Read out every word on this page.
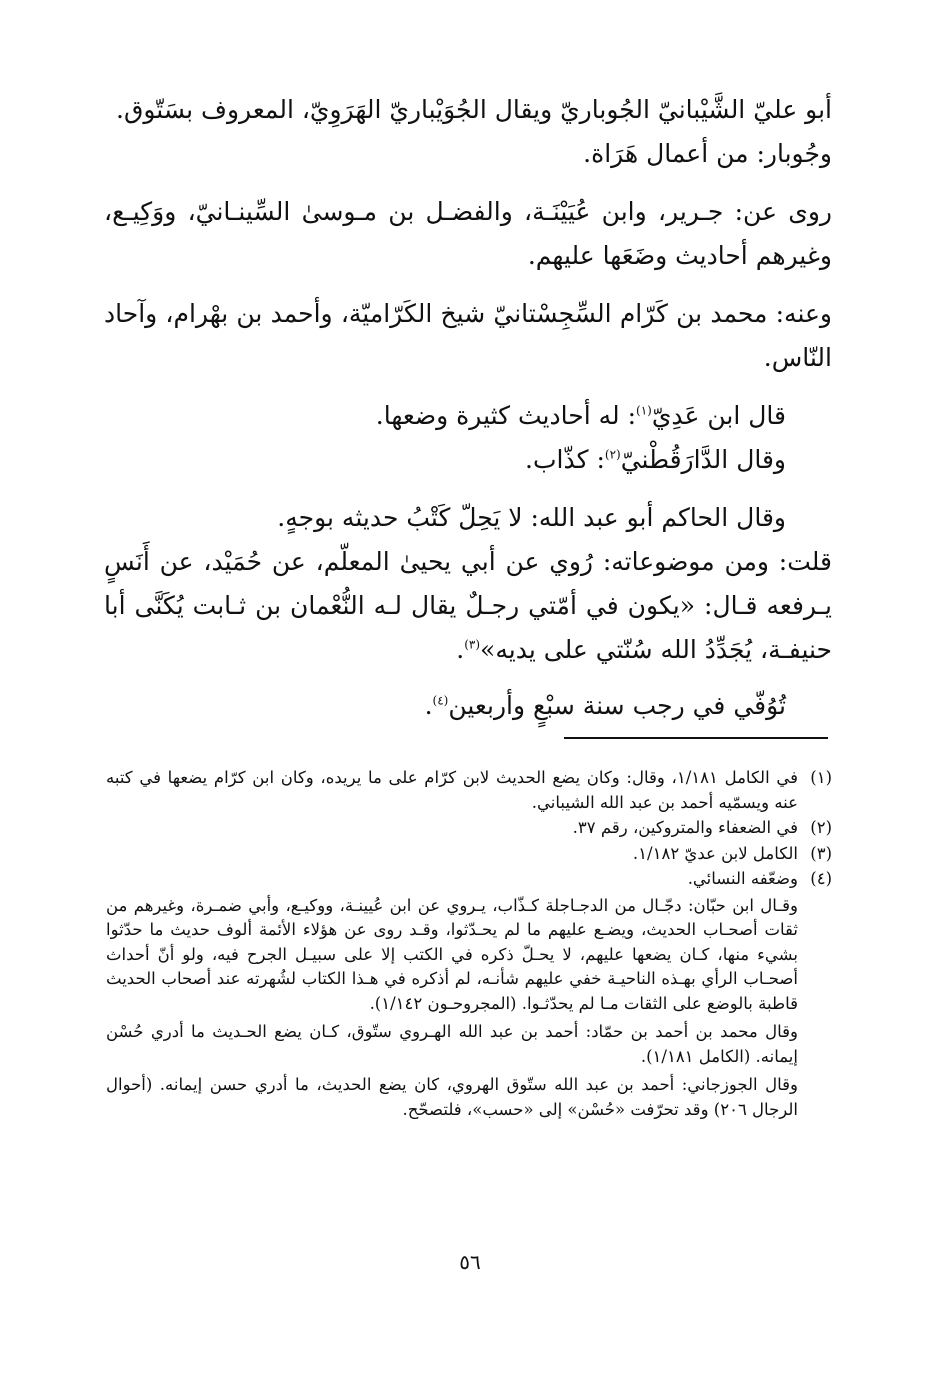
أبو عليّ الشَّيْبانيّ الجُوباريّ ويقال الجُوَيْباريّ الهَرَوِيّ، المعروف بسَتّوق.

وجُوبار: من أعمال هَرَاة.

روى عن: جـرير، وابن عُيَيْنَـة، والفضـل بن مـوسىٰ السِّينـانيّ، ووَكِيـع، وغيرهم أحاديث وضَعَها عليهم.

وعنه: محمد بن كَرّام السِّجِسْتانيّ شيخ الكَرّاميّة، وأحمد بن بهْرام، وآحاد النّاس.

قال ابن عَدِيّ$^{(١)}$: له أحاديث كثيرة وضعها.

وقال الدَّارَقُطْنيّ$^{(٢)}$: كذّاب.

وقال الحاكم أبو عبد الله: لا يَحِلّ كَتْبُ حديثه بوجهٍ.

قلت: ومن موضوعاته: رُوي عن أبي يحيىٰ المعلّم، عن حُمَيْد، عن أَنَسٍ يـرفعه قـال: «يكون في أمّتي رجـلٌ يقال لـه النُّعْمان بن ثـابت يُكَنَّى أبا حنيفـة، يُجَدِّدُ الله سُنّتي على يديه»$^{(٣)}$.

تُوُفّي في رجب سنة سبْعٍ وأربعين$^{(٤)}$.

(١)
في الكامل ١/١٨١، وقال: وكان يضع الحديث لابن كرّام على ما يريده، وكان ابن كرّام يضعها في كتبه عنه ويسمّيه أحمد بن عبد الله الشيباني.
(٢)
في الضعفاء والمتروكين، رقم ٣٧.
(٣)
الكامل لابن عديّ ١/١٨٢.
(٤)
وضعّفه النسائي.
وقـال ابن حبّان: دجّـال من الدجـاجلة كـذّاب، يـروي عن ابن عُيينـة، ووكيـع، وأبي ضمـرة، وغيرهم من ثقات أصحـاب الحديث، ويضـع عليهم ما لم يحـدّثوا، وقـد روى عن هؤلاء الأئمة ألوف حديث ما حدّثوا بشيء منها، كـان يضعها عليهم، لا يحـلّ ذكره في الكتب إلا على سبيـل الجرح فيه، ولو أنّ أحداث أصحـاب الرأي بهـذه الناحيـة خفي عليهم شأنـه، لم أذكره في هـذا الكتاب لشُهرته عند أصحاب الحديث قاطبة بالوضع على الثقات مـا لم يحدّثـوا. (المجروحـون ١/١٤٢).
وقال محمد بن أحمد بن حمّاد: أحمد بن عبد الله الهـروي ستّوق، كـان يضع الحـديث ما أدري حُسْن إيمانه. (الكامل ١/١٨١).
وقال الجوزجاني: أحمد بن عبد الله ستّوق الهروي، كان يضع الحديث، ما أدري حسن إيمانه. (أحوال الرجال ٢٠٦) وقد تحرّفت «حُسْن» إلى «حسب»، فلتصحّح.
٥٦
